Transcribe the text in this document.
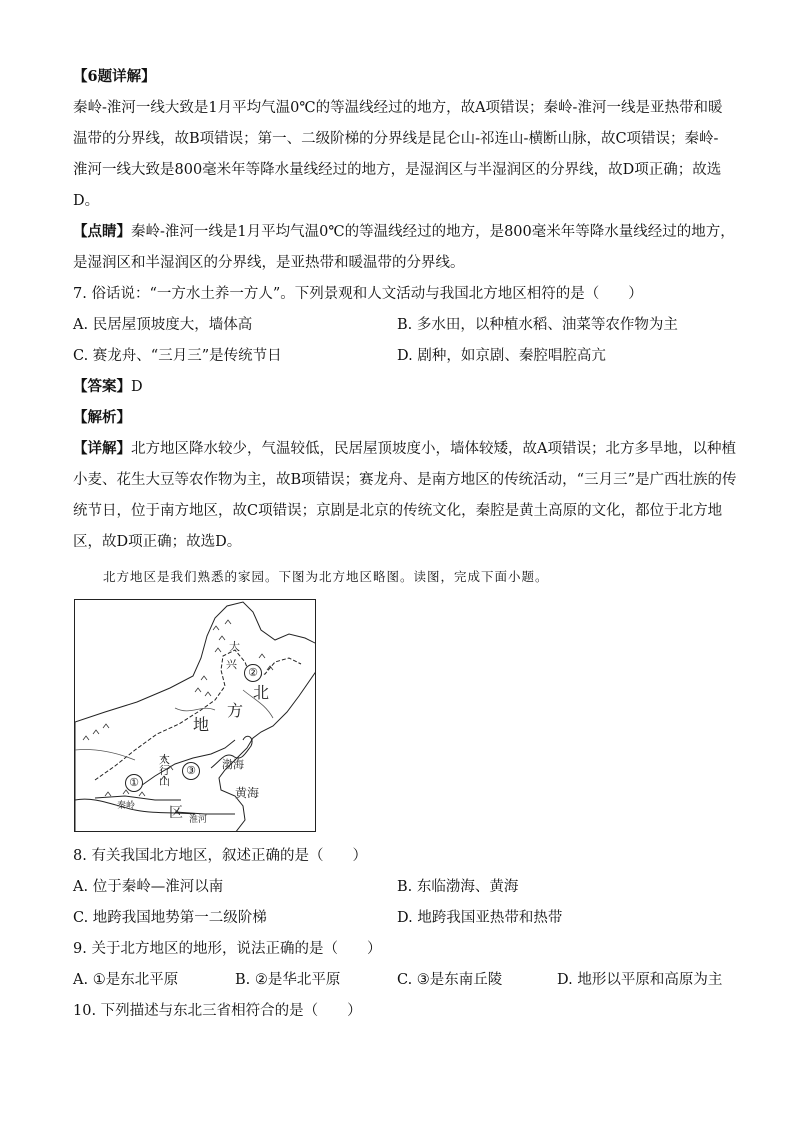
【6题详解】
秦岭-淮河一线大致是1月平均气温0℃的等温线经过的地方，故A项错误；秦岭-淮河一线是亚热带和暖
温带的分界线，故B项错误；第一、二级阶梯的分界线是昆仑山-祁连山-横断山脉，故C项错误；秦岭-
淮河一线大致是800毫米年等降水量线经过的地方，是湿润区与半湿润区的分界线，故D项正确；故选
D。
【点睛】秦岭-淮河一线是1月平均气温0℃的等温线经过的地方，是800毫米年等降水量线经过的地方，
是湿润区和半湿润区的分界线，是亚热带和暖温带的分界线。
7. 俗话说：“一方水土养一方人”。下列景观和人文活动与我国北方地区相符的是（　　）
A. 民居屋顶坡度大，墙体高	B. 多水田，以种植水稻、油菜等农作物为主
C. 赛龙舟、“三月三”是传统节日	D. 剧种，如京剧、秦腔唱腔高亢
【答案】D
【解析】
【详解】北方地区降水较少，气温较低，民居屋顶坡度小，墙体较矮，故A项错误；北方多旱地，以种植
小麦、花生大豆等农作物为主，故B项错误；赛龙舟、是南方地区的传统活动，“三月三”是广西壮族的传
统节日，位于南方地区，故C项错误；京剧是北京的传统文化，秦腔是黄土高原的文化，都位于北方地
区，故D项正确；故选D。
北方地区是我们熟悉的家园。下图为北方地区略图。读图，完成下面小题。
大
兴
②
北
方
地
太行山
③	渤海
①
黄海
秦岭 区 淮河
8. 有关我国北方地区，叙述正确的是（　　）
A. 位于秦岭—淮河以南	B. 东临渤海、黄海
C. 地跨我国地势第一二级阶梯	D. 地跨我国亚热带和热带
9. 关于北方地区的地形，说法正确的是（　　）
A. ①是东北平原	B. ②是华北平原	C. ③是东南丘陵	D. 地形以平原和高原为主
10. 下列描述与东北三省相符合的是（　　）
